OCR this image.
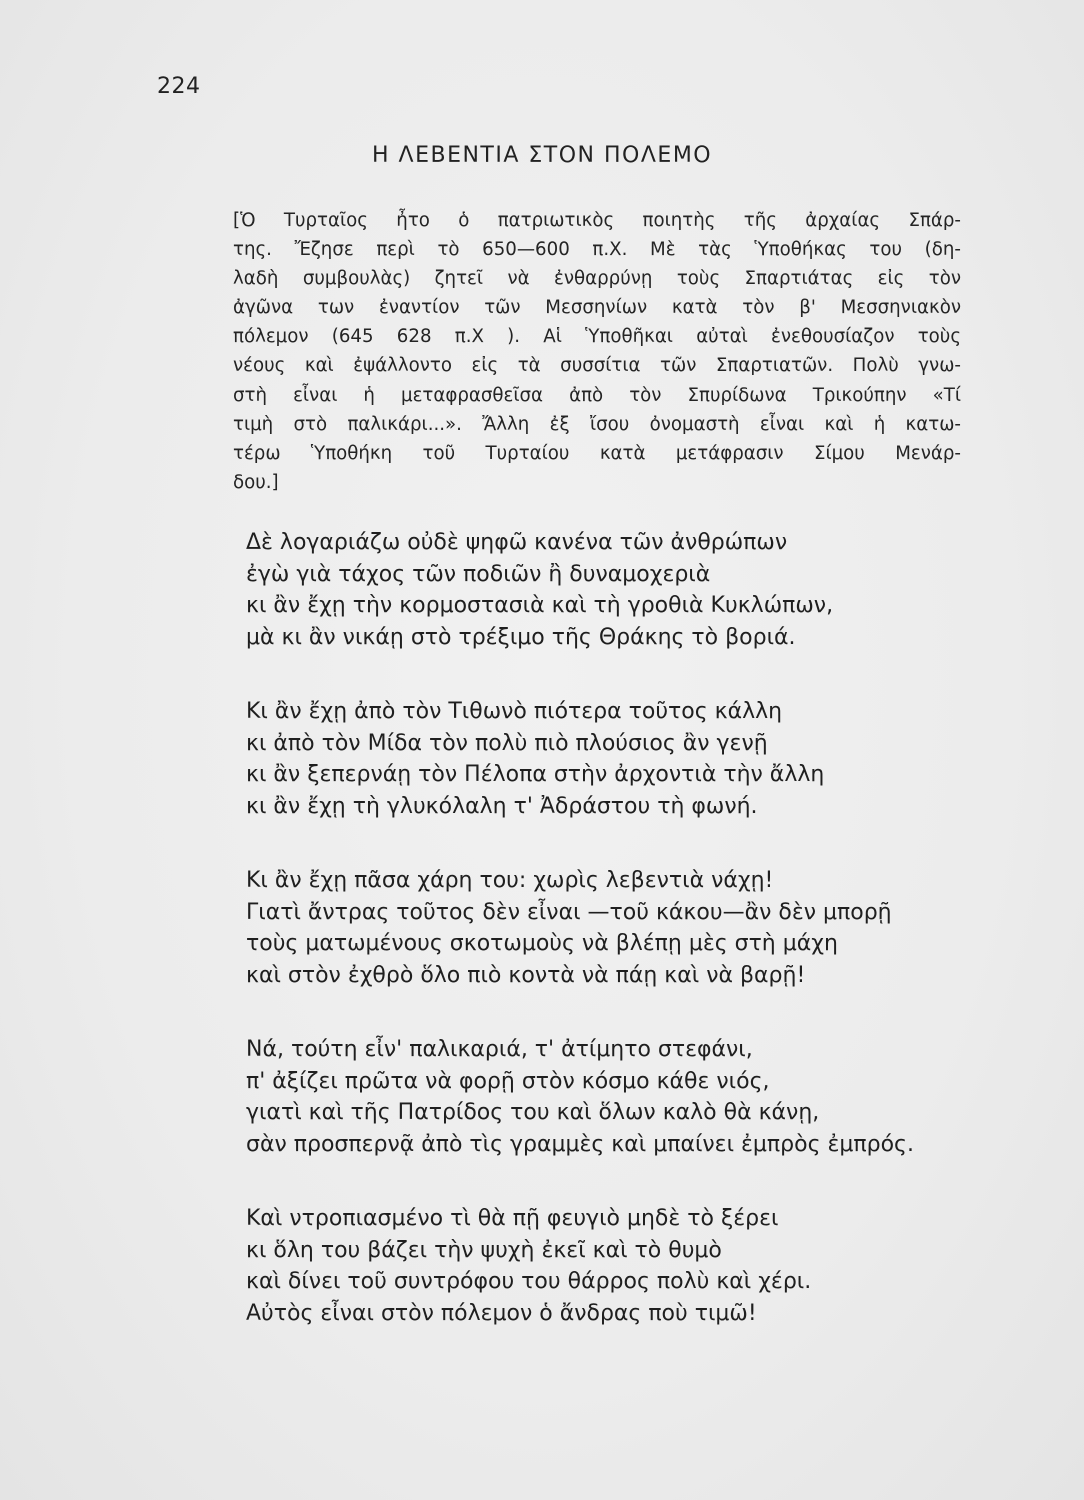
224
Η ΛΕΒΕΝΤΙΑ ΣΤΟΝ ΠΟΛΕΜΟ
[Ὁ Τυρταῖος ἦτο ὁ πατριωτικὸς ποιητὴς τῆς ἀρχαίας Σπάρ-
της. Ἔζησε περὶ τὸ 650—600 π.Χ. Μὲ τὰς Ὑποθήκας του (δη-
λαδὴ συμβουλὰς) ζητεῖ νὰ ἐνθαρρύνῃ τοὺς Σπαρτιάτας εἰς τὸν
ἀγῶνα των ἐναντίον τῶν Μεσσηνίων κατὰ τὸν β' Μεσσηνιακὸν
πόλεμον (645 628 π.Χ ). Αἱ Ὑποθῆκαι αὐταὶ ἐνεθουσίαζον τοὺς
νέους καὶ ἐψάλλοντο εἰς τὰ συσσίτια τῶν Σπαρτιατῶν. Πολὺ γνω-
στὴ εἶναι ἡ μεταφρασθεῖσα ἀπὸ τὸν Σπυρίδωνα Τρικούπην «Τί
τιμὴ στὸ παλικάρι...». Ἄλλη ἐξ ἴσου ὀνομαστὴ εἶναι καὶ ἡ κατω-
τέρω Ὑποθήκη τοῦ Τυρταίου κατὰ μετάφρασιν Σίμου Μενάρ-
δου.]
Δὲ λογαριάζω οὐδὲ ψηφῶ κανένα τῶν ἀνθρώπων
ἐγὼ γιὰ τάχος τῶν ποδιῶν ἢ δυναμοχεριὰ
κι ἂν ἔχῃ τὴν κορμοστασιὰ καὶ τὴ γροθιὰ Κυκλώπων,
μὰ κι ἂν νικάῃ στὸ τρέξιμο τῆς Θράκης τὸ βοριά.
Κι ἂν ἔχῃ ἀπὸ τὸν Τιθωνὸ πιότερα τοῦτος κάλλη
κι ἀπὸ τὸν Μίδα τὸν πολὺ πιὸ πλούσιος ἂν γενῇ
κι ἂν ξεπερνάῃ τὸν Πέλοπα στὴν ἀρχοντιὰ τὴν ἄλλη
κι ἂν ἔχῃ τὴ γλυκόλαλη τ' Ἀδράστου τὴ φωνή.
Κι ἂν ἔχῃ πᾶσα χάρη του: χωρὶς λεβεντιὰ νάχῃ!
Γιατὶ ἄντρας τοῦτος δὲν εἶναι —τοῦ κάκου—ἂν δὲν μπορῇ
τοὺς ματωμένους σκοτωμοὺς νὰ βλέπῃ μὲς στὴ μάχη
καὶ στὸν ἐχθρὸ ὅλο πιὸ κοντὰ νὰ πάῃ καὶ νὰ βαρῇ!
Νά, τούτη εἶν' παλικαριά, τ' ἀτίμητο στεφάνι,
π' ἀξίζει πρῶτα νὰ φορῇ στὸν κόσμο κάθε νιός,
γιατὶ καὶ τῆς Πατρίδος του καὶ ὅλων καλὸ θὰ κάνῃ,
σὰν προσπερνᾷ ἀπὸ τὶς γραμμὲς καὶ μπαίνει ἐμπρὸς ἐμπρός.
Καὶ ντροπιασμένο τὶ θὰ πῇ φευγιὸ μηδὲ τὸ ξέρει
κι ὅλη του βάζει τὴν ψυχὴ ἐκεῖ καὶ τὸ θυμὸ
καὶ δίνει τοῦ συντρόφου του θάρρος πολὺ καὶ χέρι.
Αὐτὸς εἶναι στὸν πόλεμον ὁ ἄνδρας ποὺ τιμῶ!
